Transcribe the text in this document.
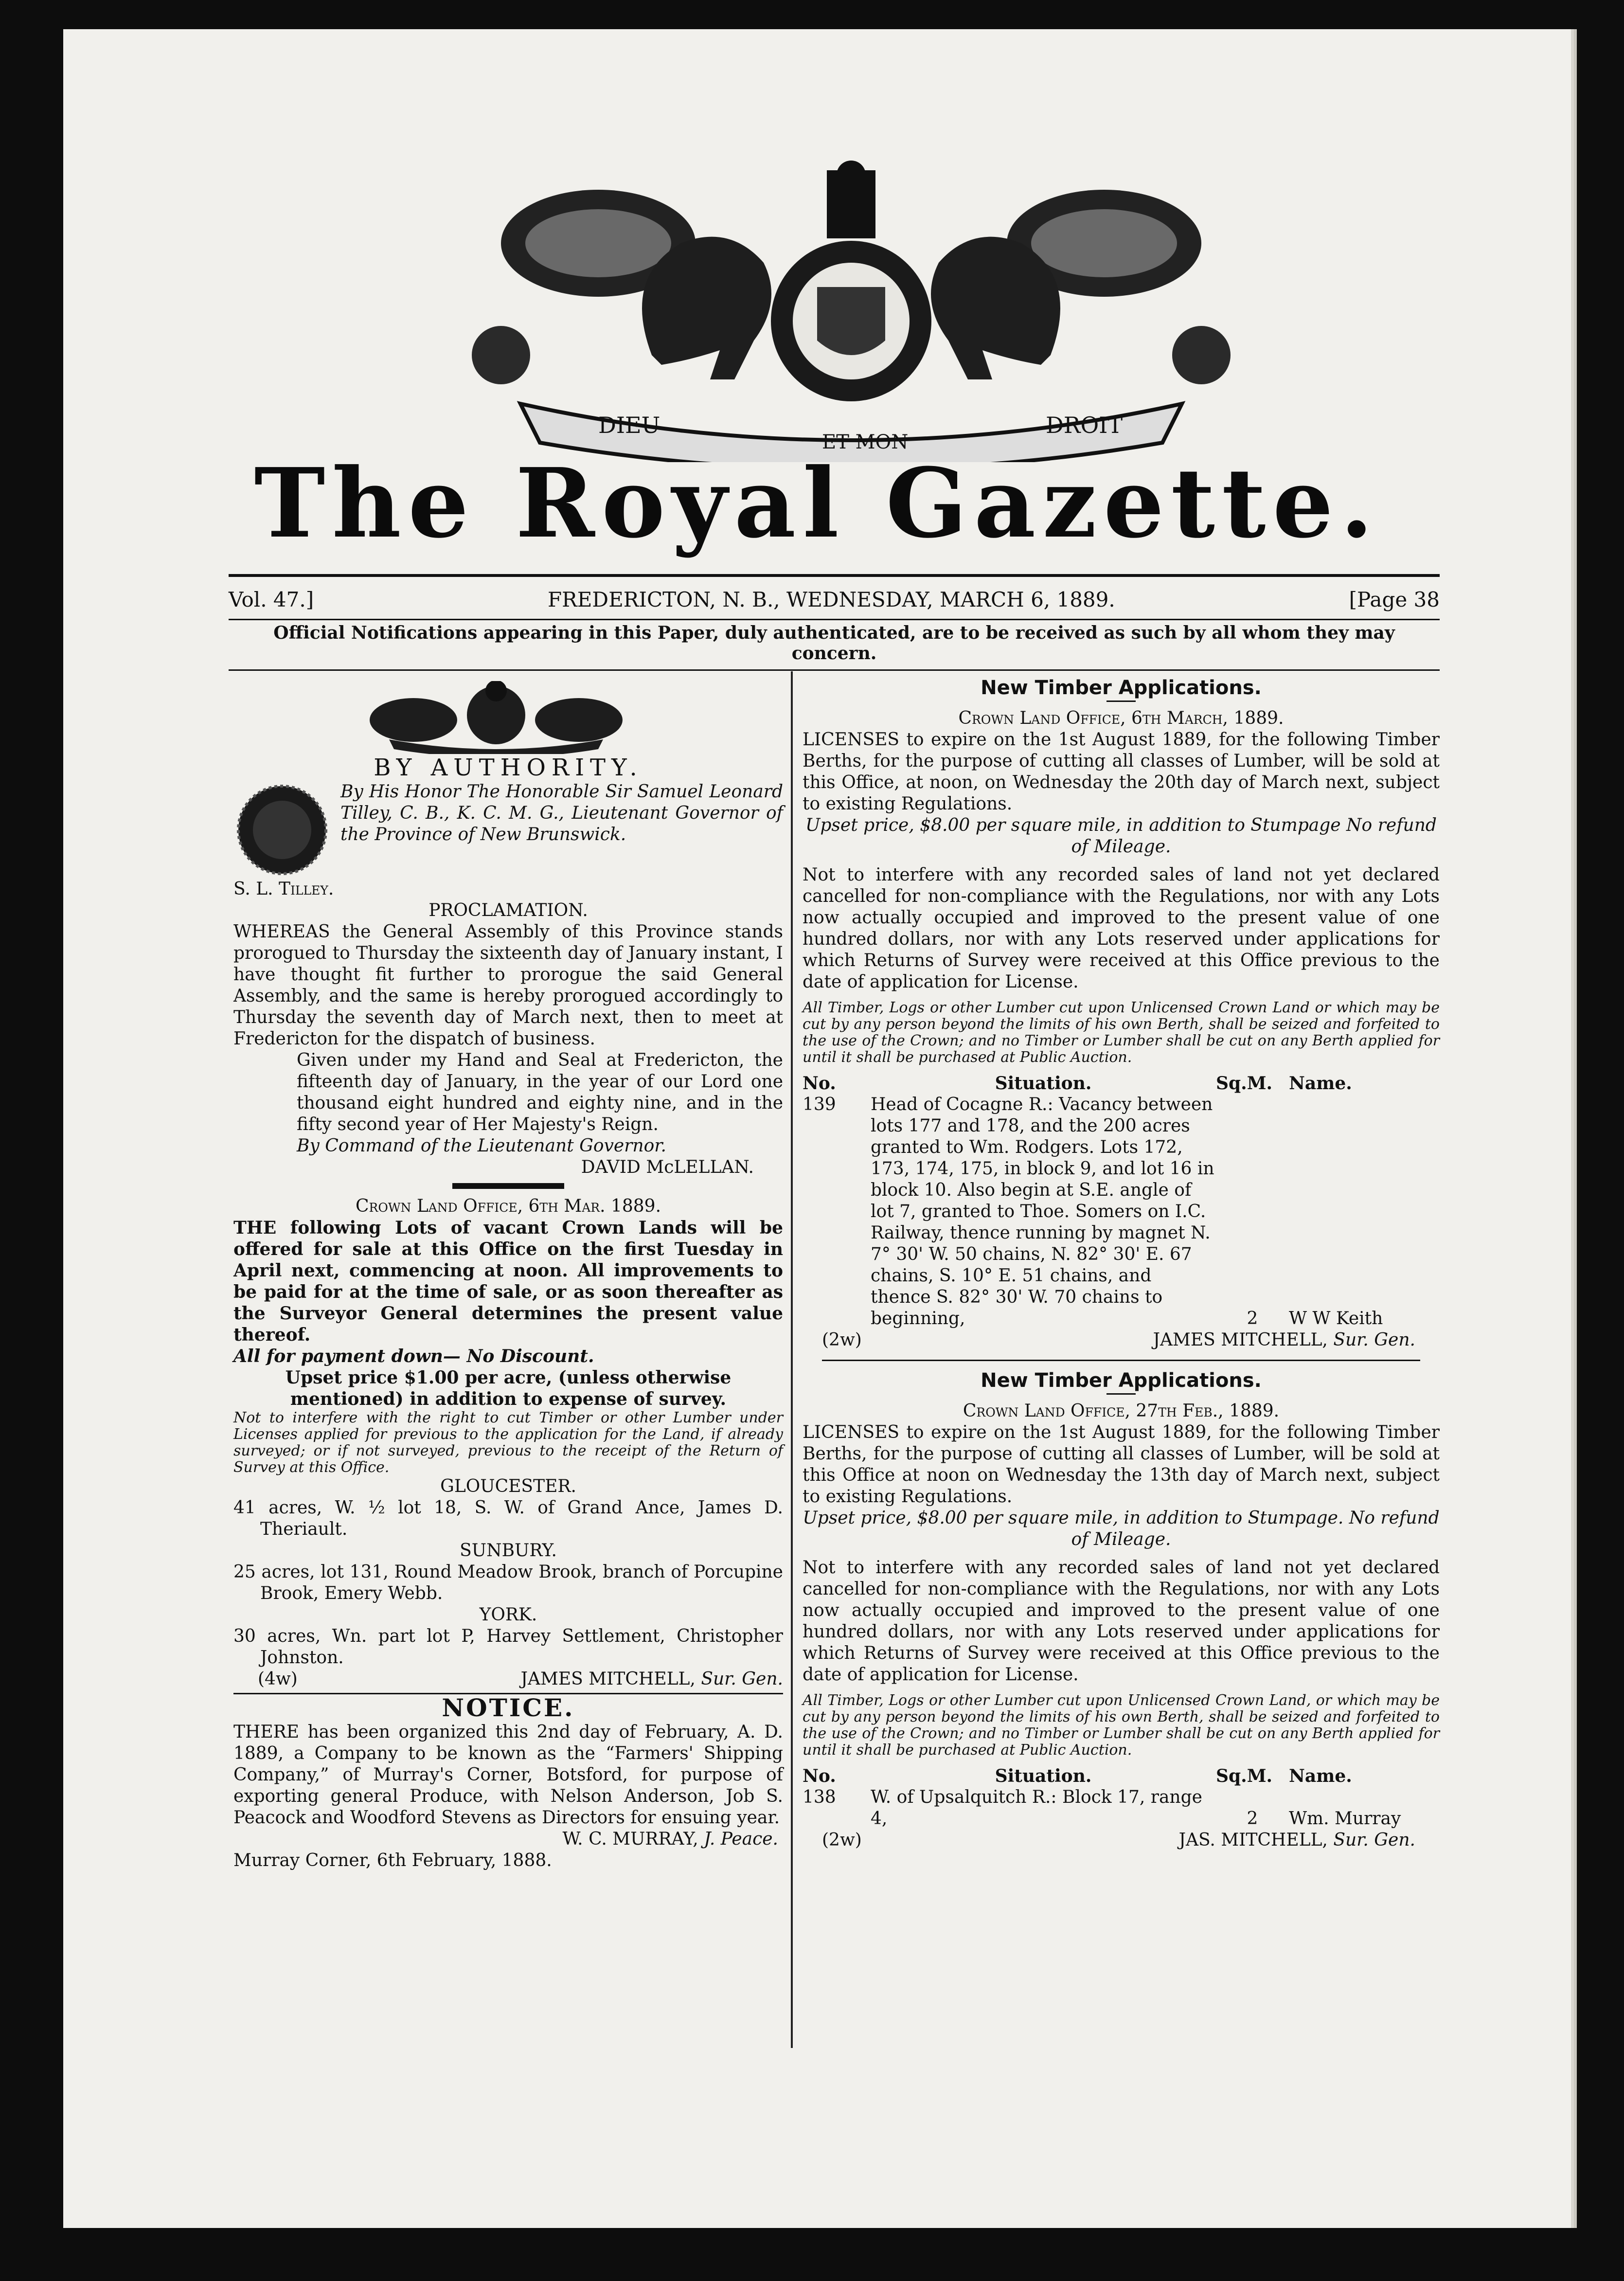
DIEU
ET MON
DROIT
The Royal Gazette.
Vol. 47.]	FREDERICTON, N. B., WEDNESDAY, MARCH 6, 1889.	[Page 38
Official Notifications appearing in this Paper, duly authenticated, are to be received as such by all whom they may concern.
BY AUTHORITY.

By His Honor The Honorable Sir Samuel Leonard Tilley, C. B., K. C. M. G., Lieutenant Governor of the Province of New Brunswick.

S. L. Tilley.

PROCLAMATION.

WHEREAS the General Assembly of this Province stands prorogued to Thursday the sixteenth day of January instant, I have thought fit further to prorogue the said General Assembly, and the same is hereby prorogued accordingly to Thursday the seventh day of March next, then to meet at Fredericton for the dispatch of business.

Given under my Hand and Seal at Fredericton, the fifteenth day of January, in the year of our Lord one thousand eight hundred and eighty nine, and in the fifty second year of Her Majesty's Reign.

By Command of the Lieutenant Governor.

DAVID McLELLAN.

Crown Land Office, 6th Mar. 1889.

THE following Lots of vacant Crown Lands will be offered for sale at this Office on the first Tuesday in April next, commencing at noon. All improvements to be paid for at the time of sale, or as soon thereafter as the Surveyor General determines the present value thereof.

All for payment down— No Discount.

Upset price $1.00 per acre, (unless otherwise mentioned) in addition to expense of survey.

Not to interfere with the right to cut Timber or other Lumber under Licenses applied for previous to the application for the Land, if already surveyed; or if not surveyed, previous to the receipt of the Return of Survey at this Office.

GLOUCESTER.

41 acres, W. ½ lot 18, S. W. of Grand Ance, James D. Theriault.

SUNBURY.

25 acres, lot 131, Round Meadow Brook, branch of Porcupine Brook, Emery Webb.

YORK.

30 acres, Wn. part lot P, Harvey Settlement, Christopher Johnston.

(4w)	JAMES MITCHELL, Sur. Gen.
NOTICE.

THERE has been organized this 2nd day of February, A. D. 1889, a Company to be known as the “Farmers' Shipping Company,” of Murray's Corner, Botsford, for purpose of exporting general Produce, with Nelson Anderson, Job S. Peacock and Woodford Stevens as Directors for ensuing year.

W. C. MURRAY, J. Peace.

Murray Corner, 6th February, 1888.

New Timber Applications.

Crown Land Office, 6th March, 1889.

LICENSES to expire on the 1st August 1889, for the following Timber Berths, for the purpose of cutting all classes of Lumber, will be sold at this Office, at noon, on Wednesday the 20th day of March next, subject to existing Regulations.

Upset price, $8.00 per square mile, in addition to Stumpage No refund of Mileage.

Not to interfere with any recorded sales of land not yet declared cancelled for non-compliance with the Regulations, nor with any Lots now actually occupied and improved to the present value of one hundred dollars, nor with any Lots reserved under applications for which Returns of Survey were received at this Office previous to the date of application for License.

All Timber, Logs or other Lumber cut upon Unlicensed Crown Land or which may be cut by any person beyond the limits of his own Berth, shall be seized and forfeited to the use of the Crown; and no Timber or Lumber shall be cut on any Berth applied for until it shall be purchased at Public Auction.

No.	Situation.	Sq.M. Name.
139	Head of Cocagne R.: Vacancy between lots 177 and 178, and the 200 acres granted to Wm. Rodgers. Lots 172, 173, 174, 175, in block 9, and lot 16 in block 10. Also begin at S.E. angle of lot 7, granted to Thoe. Somers on I.C. Railway, thence running by magnet N. 7° 30' W. 50 chains, N. 82° 30' E. 67 chains, S. 10° E. 51 chains, and thence S. 82° 30' W. 70 chains to beginning,	2	W W Keith
(2w)	JAMES MITCHELL, Sur. Gen.
New Timber Applications.

Crown Land Office, 27th Feb., 1889.

LICENSES to expire on the 1st August 1889, for the following Timber Berths, for the purpose of cutting all classes of Lumber, will be sold at this Office at noon on Wednesday the 13th day of March next, subject to existing Regulations.

Upset price, $8.00 per square mile, in addition to Stumpage. No refund of Mileage.

Not to interfere with any recorded sales of land not yet declared cancelled for non-compliance with the Regulations, nor with any Lots now actually occupied and improved to the present value of one hundred dollars, nor with any Lots reserved under applications for which Returns of Survey were received at this Office previous to the date of application for License.

All Timber, Logs or other Lumber cut upon Unlicensed Crown Land, or which may be cut by any person beyond the limits of his own Berth, shall be seized and forfeited to the use of the Crown; and no Timber or Lumber shall be cut on any Berth applied for until it shall be purchased at Public Auction.

No.	Situation.	Sq.M. Name.
138	W. of Upsalquitch R.: Block 17, range 4,	2	Wm. Murray
(2w)	JAS. MITCHELL, Sur. Gen.
